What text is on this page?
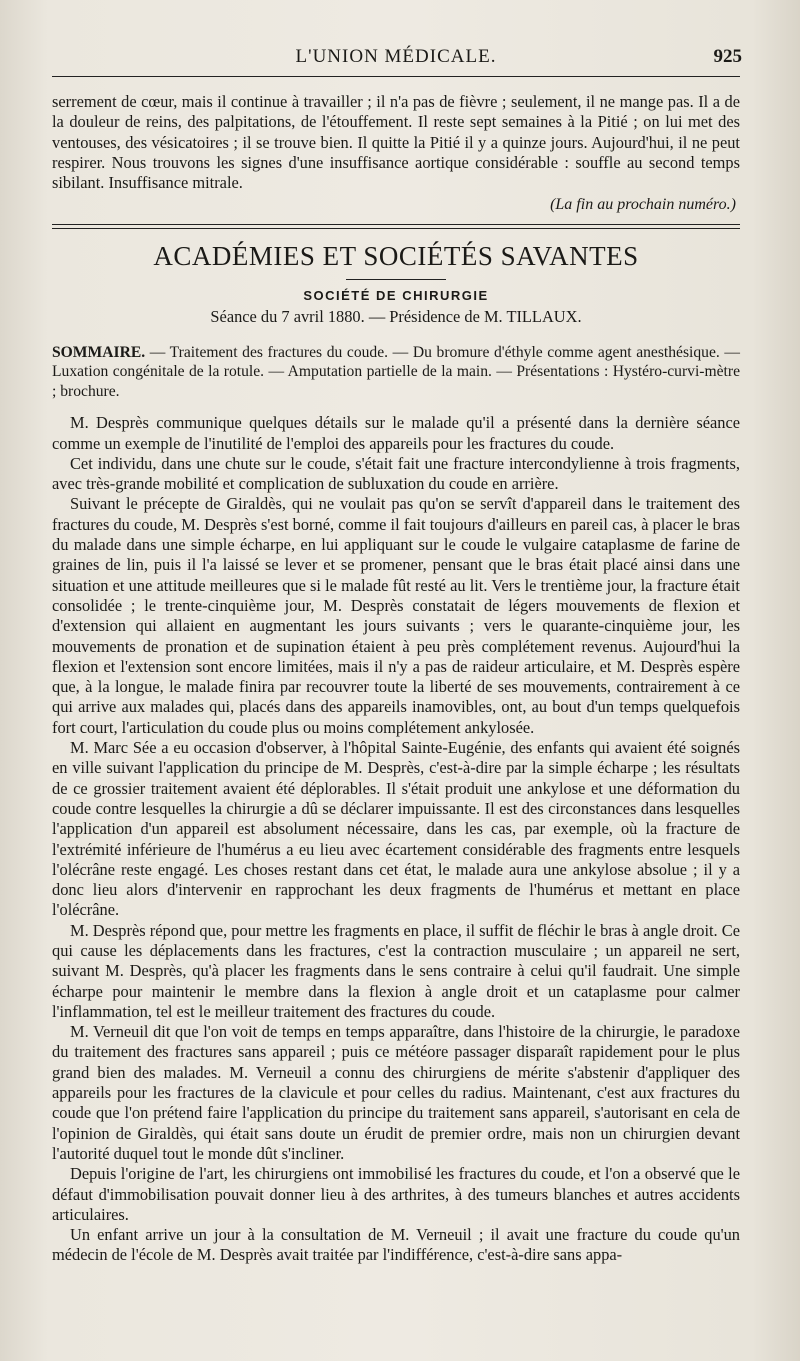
L'UNION MÉDICALE.	925

serrement de cœur, mais il continue à travailler ; il n'a pas de fièvre ; seulement, il ne mange pas. Il a de la douleur de reins, des palpitations, de l'étouffement. Il reste sept semaines à la Pitié ; on lui met des ventouses, des vésicatoires ; il se trouve bien. Il quitte la Pitié il y a quinze jours. Aujourd'hui, il ne peut respirer. Nous trouvons les signes d'une insuffisance aortique considérable : souffle au second temps sibilant. Insuffisance mitrale.

(La fin au prochain numéro.)

ACADÉMIES ET SOCIÉTÉS SAVANTES
SOCIÉTÉ DE CHIRURGIE
Séance du 7 avril 1880. — Présidence de M. TILLAUX.

SOMMAIRE. — Traitement des fractures du coude. — Du bromure d'éthyle comme agent anesthésique. — Luxation congénitale de la rotule. — Amputation partielle de la main. — Présentations : Hystéro-curvi-mètre ; brochure.

M. Desprès communique quelques détails sur le malade qu'il a présenté dans la dernière séance comme un exemple de l'inutilité de l'emploi des appareils pour les fractures du coude.

Cet individu, dans une chute sur le coude, s'était fait une fracture intercondylienne à trois fragments, avec très-grande mobilité et complication de subluxation du coude en arrière.

Suivant le précepte de Giraldès, qui ne voulait pas qu'on se servît d'appareil dans le traitement des fractures du coude, M. Desprès s'est borné, comme il fait toujours d'ailleurs en pareil cas, à placer le bras du malade dans une simple écharpe, en lui appliquant sur le coude le vulgaire cataplasme de farine de graines de lin, puis il l'a laissé se lever et se promener, pensant que le bras était placé ainsi dans une situation et une attitude meilleures que si le malade fût resté au lit. Vers le trentième jour, la fracture était consolidée ; le trente-cinquième jour, M. Desprès constatait de légers mouvements de flexion et d'extension qui allaient en augmentant les jours suivants ; vers le quarante-cinquième jour, les mouvements de pronation et de supination étaient à peu près complétement revenus. Aujourd'hui la flexion et l'extension sont encore limitées, mais il n'y a pas de raideur articulaire, et M. Desprès espère que, à la longue, le malade finira par recouvrer toute la liberté de ses mouvements, contrairement à ce qui arrive aux malades qui, placés dans des appareils inamovibles, ont, au bout d'un temps quelquefois fort court, l'articulation du coude plus ou moins complétement ankylosée.

M. Marc Sée a eu occasion d'observer, à l'hôpital Sainte-Eugénie, des enfants qui avaient été soignés en ville suivant l'application du principe de M. Desprès, c'est-à-dire par la simple écharpe ; les résultats de ce grossier traitement avaient été déplorables. Il s'était produit une ankylose et une déformation du coude contre lesquelles la chirurgie a dû se déclarer impuissante. Il est des circonstances dans lesquelles l'application d'un appareil est absolument nécessaire, dans les cas, par exemple, où la fracture de l'extrémité inférieure de l'humérus a eu lieu avec écartement considérable des fragments entre lesquels l'olécrâne reste engagé. Les choses restant dans cet état, le malade aura une ankylose absolue ; il y a donc lieu alors d'intervenir en rapprochant les deux fragments de l'humérus et mettant en place l'olécrâne.

M. Desprès répond que, pour mettre les fragments en place, il suffit de fléchir le bras à angle droit. Ce qui cause les déplacements dans les fractures, c'est la contraction musculaire ; un appareil ne sert, suivant M. Desprès, qu'à placer les fragments dans le sens contraire à celui qu'il faudrait. Une simple écharpe pour maintenir le membre dans la flexion à angle droit et un cataplasme pour calmer l'inflammation, tel est le meilleur traitement des fractures du coude.

M. Verneuil dit que l'on voit de temps en temps apparaître, dans l'histoire de la chirurgie, le paradoxe du traitement des fractures sans appareil ; puis ce météore passager disparaît rapidement pour le plus grand bien des malades. M. Verneuil a connu des chirurgiens de mérite s'abstenir d'appliquer des appareils pour les fractures de la clavicule et pour celles du radius. Maintenant, c'est aux fractures du coude que l'on prétend faire l'application du principe du traitement sans appareil, s'autorisant en cela de l'opinion de Giraldès, qui était sans doute un érudit de premier ordre, mais non un chirurgien devant l'autorité duquel tout le monde dût s'incliner.

Depuis l'origine de l'art, les chirurgiens ont immobilisé les fractures du coude, et l'on a observé que le défaut d'immobilisation pouvait donner lieu à des arthrites, à des tumeurs blanches et autres accidents articulaires.

Un enfant arrive un jour à la consultation de M. Verneuil ; il avait une fracture du coude qu'un médecin de l'école de M. Desprès avait traitée par l'indifférence, c'est-à-dire sans appa-
